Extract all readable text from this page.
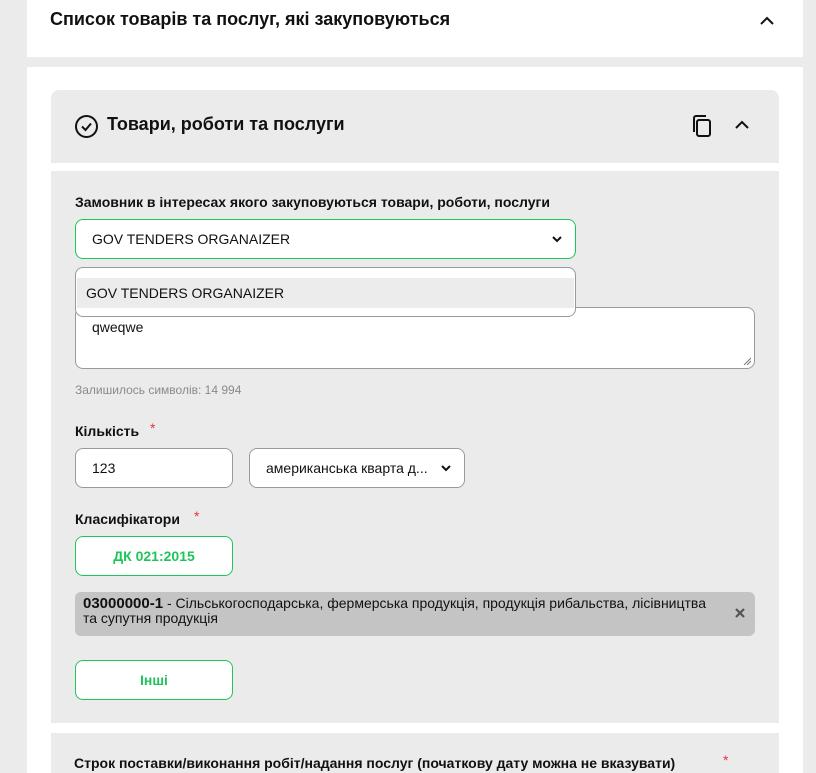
Список товарів та послуг, які закуповуються
Товари, роботи та послуги
Замовник в інтересах якого закуповуються товари, роботи, послуги
GOV TENDERS ORGANAIZER
qweqwe
GOV TENDERS ORGANAIZER
Залишилось символів: 14 994
Кількість *
123	американська кварта д...
Класифікатори *
ДК 021:2015
03000000-1 - Сільськогосподарська, фермерська продукція, продукція рибальства, лісівництва та супутня продукція
Інші
Строк поставки/виконання робіт/надання послуг (початкову дату можна не вказувати)	*
